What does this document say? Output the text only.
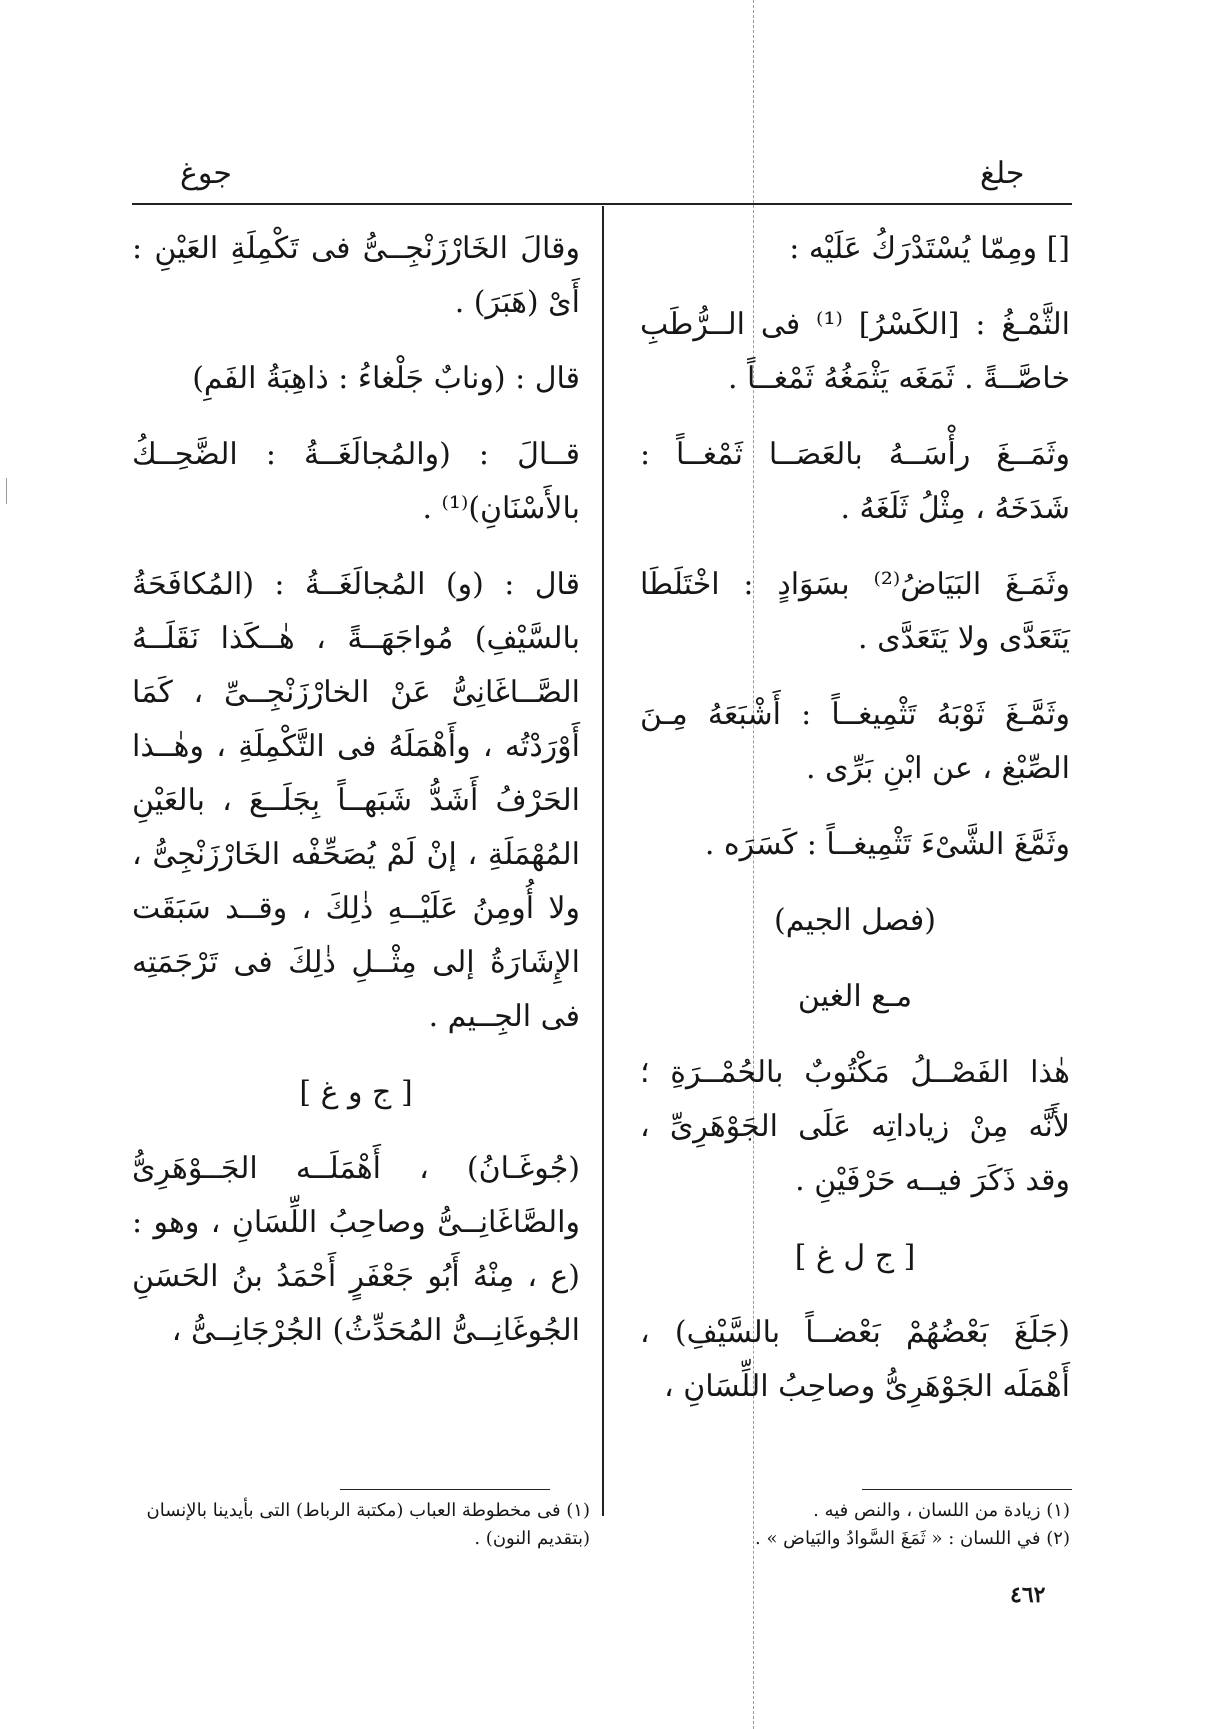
جلغ
جوغ

[] ومِمّا يُسْتَدْرَكُ عَلَيْه :

الثَّمْـغُ : [الكَسْرُ] ⁽¹⁾ فى الــرُّطَبِ خاصَّــةً . ثَمَغَه يَثْمَغُهُ ثَمْغــاً .

وثَمَــغَ رأْسَــهُ بالعَصَــا ثَمْغــاً : شَدَخَهُ ، مِثْلُ ثَلَغَهُ .

وثَمَـغَ البَيَاضُ⁽²⁾ بسَوَادٍ : اخْتَلَطَا يَتَعَدَّى ولا يَتَعَدَّى .

وثَمَّـغَ ثَوْبَهُ تَثْمِيغــاً : أَشْبَعَهُ مِـنَ الصِّبْغ ، عن ابْنِ بَرِّى .

وثَمَّغَ الشَّىْءَ تَثْمِيغــاً : كَسَرَه .

(فصل الجيم)

مـع الغين

هٰذا الفَصْــلُ مَكْتُوبٌ بالحُمْــرَةِ ؛ لأَنَّه مِنْ زياداتِه عَلَى الجَوْهَرِىِّ ، وقد ذَكَرَ فيــه حَرْفَيْنِ .

[ ج ل غ ]

(جَلَغَ بَعْضُهُمْ بَعْضــاً بالسَّيْفِ) ، أَهْمَلَه الجَوْهَرِىُّ وصاحِبُ اللِّسَانِ ،

وقالَ الخَارْزَنْجِــىُّ فى تَكْمِلَةِ العَيْنِ : أَىْ (هَبَرَ) .

قال : (ونابٌ جَلْغاءُ : ذاهِبَةُ الفَمِ)

قــالَ : (والمُجالَغَــةُ : الضَّحِــكُ بالأَسْنَانِ)⁽¹⁾ .

قال : (و) المُجالَغَــةُ : (المُكافَحَةُ بالسَّيْفِ) مُواجَهَــةً ، هٰــكَذا نَقَلَــهُ الصَّــاغَانِىُّ عَنْ الخارْزَنْجِــىِّ ، كَمَا أَوْرَدْتُه ، وأَهْمَلَهُ فى التَّكْمِلَةِ ، وهٰــذا الحَرْفُ أَشَدُّ شَبَهــاً بِجَلَــعَ ، بالعَيْنِ المُهْمَلَةِ ، إنْ لَمْ يُصَحِّفْه الخَارْزَنْجِىُّ ، ولا أُومِنُ عَلَيْــهِ ذٰلِكَ ، وقــد سَبَقَت الإِشَارَةُ إلى مِثْــلِ ذٰلِكَ فى تَرْجَمَتِه فى الجِــيم .

[ ج و غ ]

(جُوغَـانُ) ، أَهْمَلَــه الجَــوْهَرِىُّ والصَّاغَانِــىُّ وصاحِبُ اللِّسَانِ ، وهو : (ع ، مِنْهُ أَبُو جَعْفَرٍ أَحْمَدُ بنُ الحَسَنِ الجُوغَانِــىُّ المُحَدِّثُ) الجُرْجَانِــىُّ ،

(١) زيادة من اللسان ، والنص فيه .

(٢) في اللسان : « ثَمَغَ السَّوادُ والبَياض » .

(١) فى مخطوطة العباب (مكتبة الرباط) التى بأيدينا بالإنسان (بتقديم النون) .

٤٦٢
